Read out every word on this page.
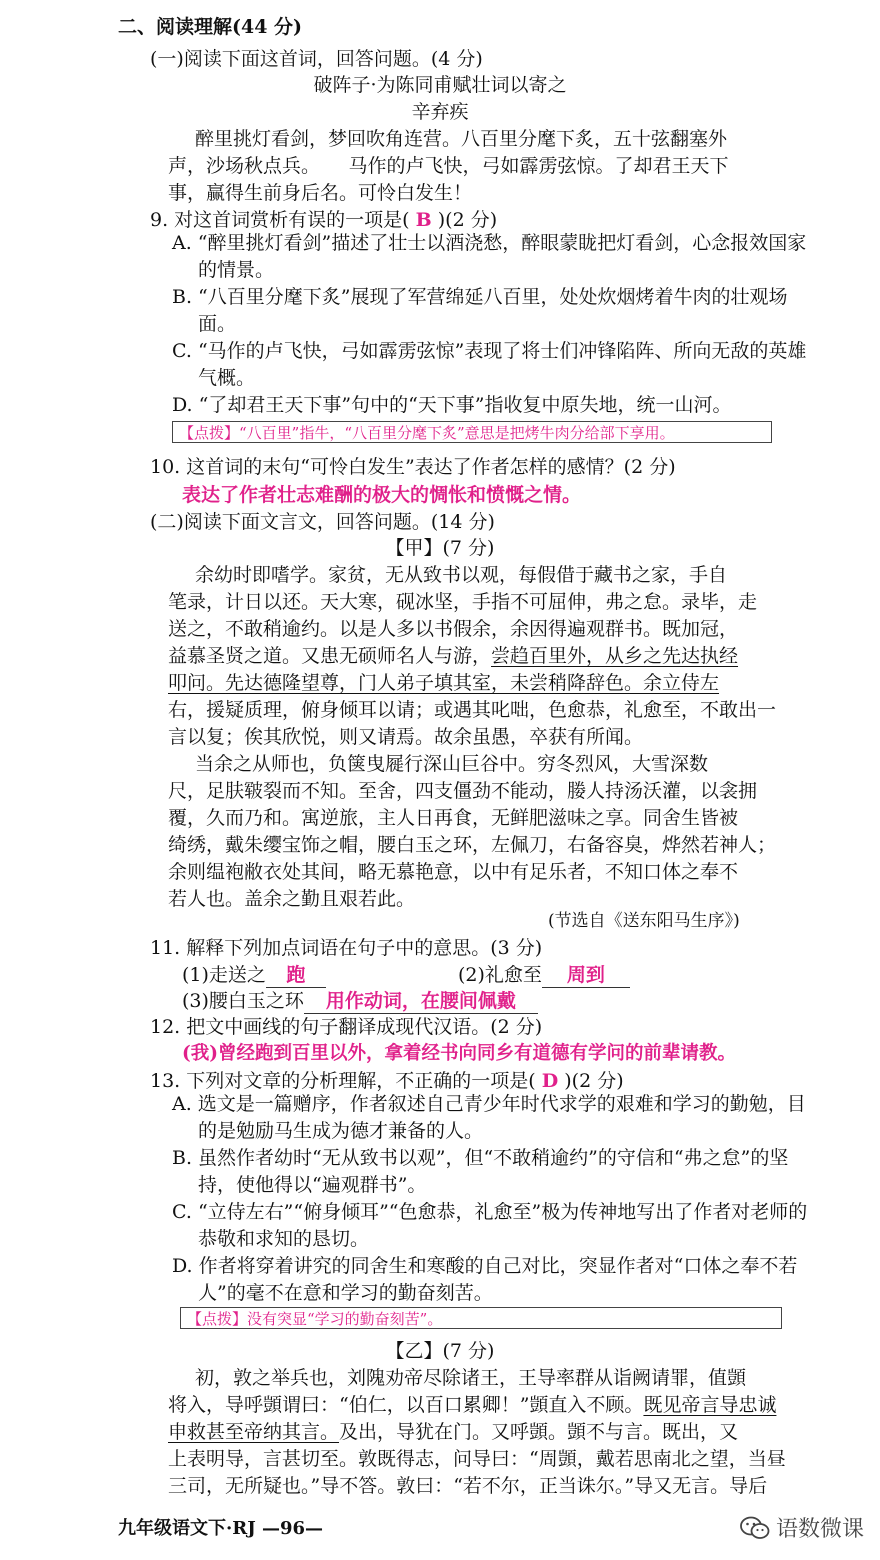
二、阅读理解(44 分)
(一)阅读下面这首词，回答问题。(4 分)
破阵子·为陈同甫赋壮词以寄之
辛弃疾
醉里挑灯看剑，梦回吹角连营。八百里分麾下炙，五十弦翻塞外
声，沙场秋点兵。　　马作的卢飞快，弓如霹雳弦惊。了却君王天下
事，赢得生前身后名。可怜白发生！
9. 对这首词赏析有误的一项是( B )(2 分)
A. “醉里挑灯看剑”描述了壮士以酒浇愁，醉眼蒙眬把灯看剑，心念报效国家的情景。
B. “八百里分麾下炙”展现了军营绵延八百里，处处炊烟烤着牛肉的壮观场面。
C. “马作的卢飞快，弓如霹雳弦惊”表现了将士们冲锋陷阵、所向无敌的英雄气概。
D. “了却君王天下事”句中的“天下事”指收复中原失地，统一山河。
【点拨】“八百里”指牛，“八百里分麾下炙”意思是把烤牛肉分给部下享用。
10. 这首词的末句“可怜白发生”表达了作者怎样的感情？(2 分)
表达了作者壮志难酬的极大的惆怅和愤慨之情。
(二)阅读下面文言文，回答问题。(14 分)
【甲】(7 分)
余幼时即嗜学。家贫，无从致书以观，每假借于藏书之家，手自
笔录，计日以还。天大寒，砚冰坚，手指不可屈伸，弗之怠。录毕，走
送之，不敢稍逾约。以是人多以书假余，余因得遍观群书。既加冠，
益慕圣贤之道。又患无硕师名人与游，尝趋百里外，从乡之先达执经
叩问。先达德隆望尊，门人弟子填其室，未尝稍降辞色。余立侍左
右，援疑质理，俯身倾耳以请；或遇其叱咄，色愈恭，礼愈至，不敢出一
言以复；俟其欣悦，则又请焉。故余虽愚，卒获有所闻。
当余之从师也，负箧曳屣行深山巨谷中。穷冬烈风，大雪深数
尺，足肤皲裂而不知。至舍，四支僵劲不能动，媵人持汤沃灌，以衾拥
覆，久而乃和。寓逆旅，主人日再食，无鲜肥滋味之享。同舍生皆被
绮绣，戴朱缨宝饰之帽，腰白玉之环，左佩刀，右备容臭，烨然若神人；
余则缊袍敝衣处其间，略无慕艳意，以中有足乐者，不知口体之奉不
若人也。盖余之勤且艰若此。
(节选自《送东阳马生序》)
11. 解释下列加点词语在句子中的意思。(3 分)
(1)走送之 跑	(2)礼愈至 周到
(3)腰白玉之环 用作动词，在腰间佩戴
12. 把文中画线的句子翻译成现代汉语。(2 分)
(我)曾经跑到百里以外，拿着经书向同乡有道德有学问的前辈请教。
13. 下列对文章的分析理解，不正确的一项是( D )(2 分)
A. 选文是一篇赠序，作者叙述自己青少年时代求学的艰难和学习的勤勉，目的是勉励马生成为德才兼备的人。
B. 虽然作者幼时“无从致书以观”，但“不敢稍逾约”的守信和“弗之怠”的坚持，使他得以“遍观群书”。
C. “立侍左右”“俯身倾耳”“色愈恭，礼愈至”极为传神地写出了作者对老师的恭敬和求知的恳切。
D. 作者将穿着讲究的同舍生和寒酸的自己对比，突显作者对“口体之奉不若人”的毫不在意和学习的勤奋刻苦。
【点拨】没有突显“学习的勤奋刻苦”。
【乙】(7 分)
初，敦之举兵也，刘隗劝帝尽除诸王，王导率群从诣阙请罪，值顗
将入，导呼顗谓曰：“伯仁，以百口累卿！”顗直入不顾。既见帝言导忠诚
申救甚至帝纳其言。及出，导犹在门。又呼顗。顗不与言。既出，又
上表明导，言甚切至。敦既得志，问导曰：“周顗，戴若思南北之望，当昼
三司，无所疑也。”导不答。敦曰：“若不尔，正当诛尔。”导又无言。导后
九年级语文下·RJ —96—	语数微课
